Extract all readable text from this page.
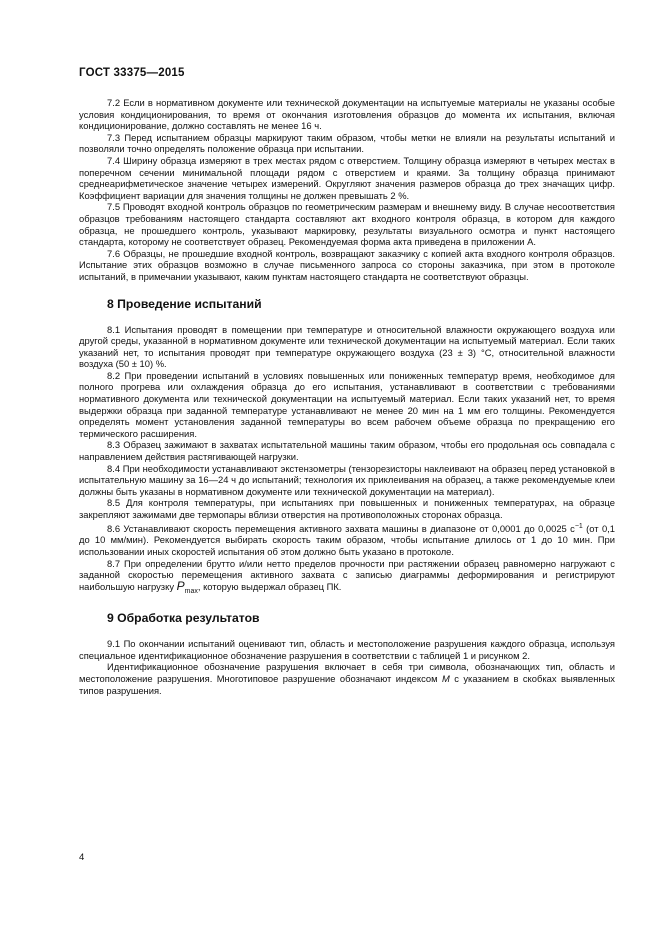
ГОСТ 33375—2015

7.2 Если в нормативном документе или технической документации на испытуемые материалы не указаны особые условия кондиционирования, то время от окончания изготовления образцов до момента их испытания, включая кондиционирование, должно составлять не менее 16 ч.

7.3 Перед испытанием образцы маркируют таким образом, чтобы метки не влияли на результаты испытаний и позволяли точно определять положение образца при испытании.

7.4 Ширину образца измеряют в трех местах рядом с отверстием. Толщину образца измеряют в четырех местах в поперечном сечении минимальной площади рядом с отверстием и краями. За толщину образца принимают среднеарифметическое значение четырех измерений. Округляют значения размеров образца до трех значащих цифр. Коэффициент вариации для значения толщины не должен превышать 2 %.

7.5 Проводят входной контроль образцов по геометрическим размерам и внешнему виду. В случае несоответствия образцов требованиям настоящего стандарта составляют акт входного контроля образца, в котором для каждого образца, не прошедшего контроль, указывают маркировку, результаты визуального осмотра и пункт настоящего стандарта, которому не соответствует образец. Рекомендуемая форма акта приведена в приложении А.

7.6 Образцы, не прошедшие входной контроль, возвращают заказчику с копией акта входного контроля образцов. Испытание этих образцов возможно в случае письменного запроса со стороны заказчика, при этом в протоколе испытаний, в примечании указывают, каким пунктам настоящего стандарта не соответствуют образцы.

8 Проведение испытаний

8.1 Испытания проводят в помещении при температуре и относительной влажности окружающего воздуха или другой среды, указанной в нормативном документе или технической документации на испытуемый материал. Если таких указаний нет, то испытания проводят при температуре окружающего воздуха (23 ± 3) °С, относительной влажности воздуха (50 ± 10) %.

8.2 При проведении испытаний в условиях повышенных или пониженных температур время, необходимое для полного прогрева или охлаждения образца до его испытания, устанавливают в соответствии с требованиями нормативного документа или технической документации на испытуемый материал. Если таких указаний нет, то время выдержки образца при заданной температуре устанавливают не менее 20 мин на 1 мм его толщины. Рекомендуется определять момент установления заданной температуры во всем рабочем объеме образца по прекращению его термического расширения.

8.3 Образец зажимают в захватах испытательной машины таким образом, чтобы его продольная ось совпадала с направлением действия растягивающей нагрузки.

8.4 При необходимости устанавливают экстензометры (тензорезисторы наклеивают на образец перед установкой в испытательную машину за 16—24 ч до испытаний; технология их приклеивания на образец, а также рекомендуемые клеи должны быть указаны в нормативном документе или технической документации на материал).

8.5 Для контроля температуры, при испытаниях при повышенных и пониженных температурах, на образце закрепляют зажимами две термопары вблизи отверстия на противоположных сторонах образца.

8.6 Устанавливают скорость перемещения активного захвата машины в диапазоне от 0,0001 до 0,0025 $с^{-1}$ (от 0,1 до 10 мм/мин). Рекомендуется выбирать скорость таким образом, чтобы испытание длилось от 1 до 10 мин. При использовании иных скоростей испытания об этом должно быть указано в протоколе.

8.7 При определении брутто и/или нетто пределов прочности при растяжении образец равномерно нагружают с заданной скоростью перемещения активного захвата с записью диаграммы деформирования и регистрируют наибольшую нагрузку $P_{max}$, которую выдержал образец ПК.

9 Обработка результатов

9.1 По окончании испытаний оценивают тип, область и местоположение разрушения каждого образца, используя специальное идентификационное обозначение разрушения в соответствии с таблицей 1 и рисунком 2.

Идентификационное обозначение разрушения включает в себя три символа, обозначающих тип, область и местоположение разрушения. Многотиповое разрушение обозначают индексом M с указанием в скобках выявленных типов разрушения.

4
